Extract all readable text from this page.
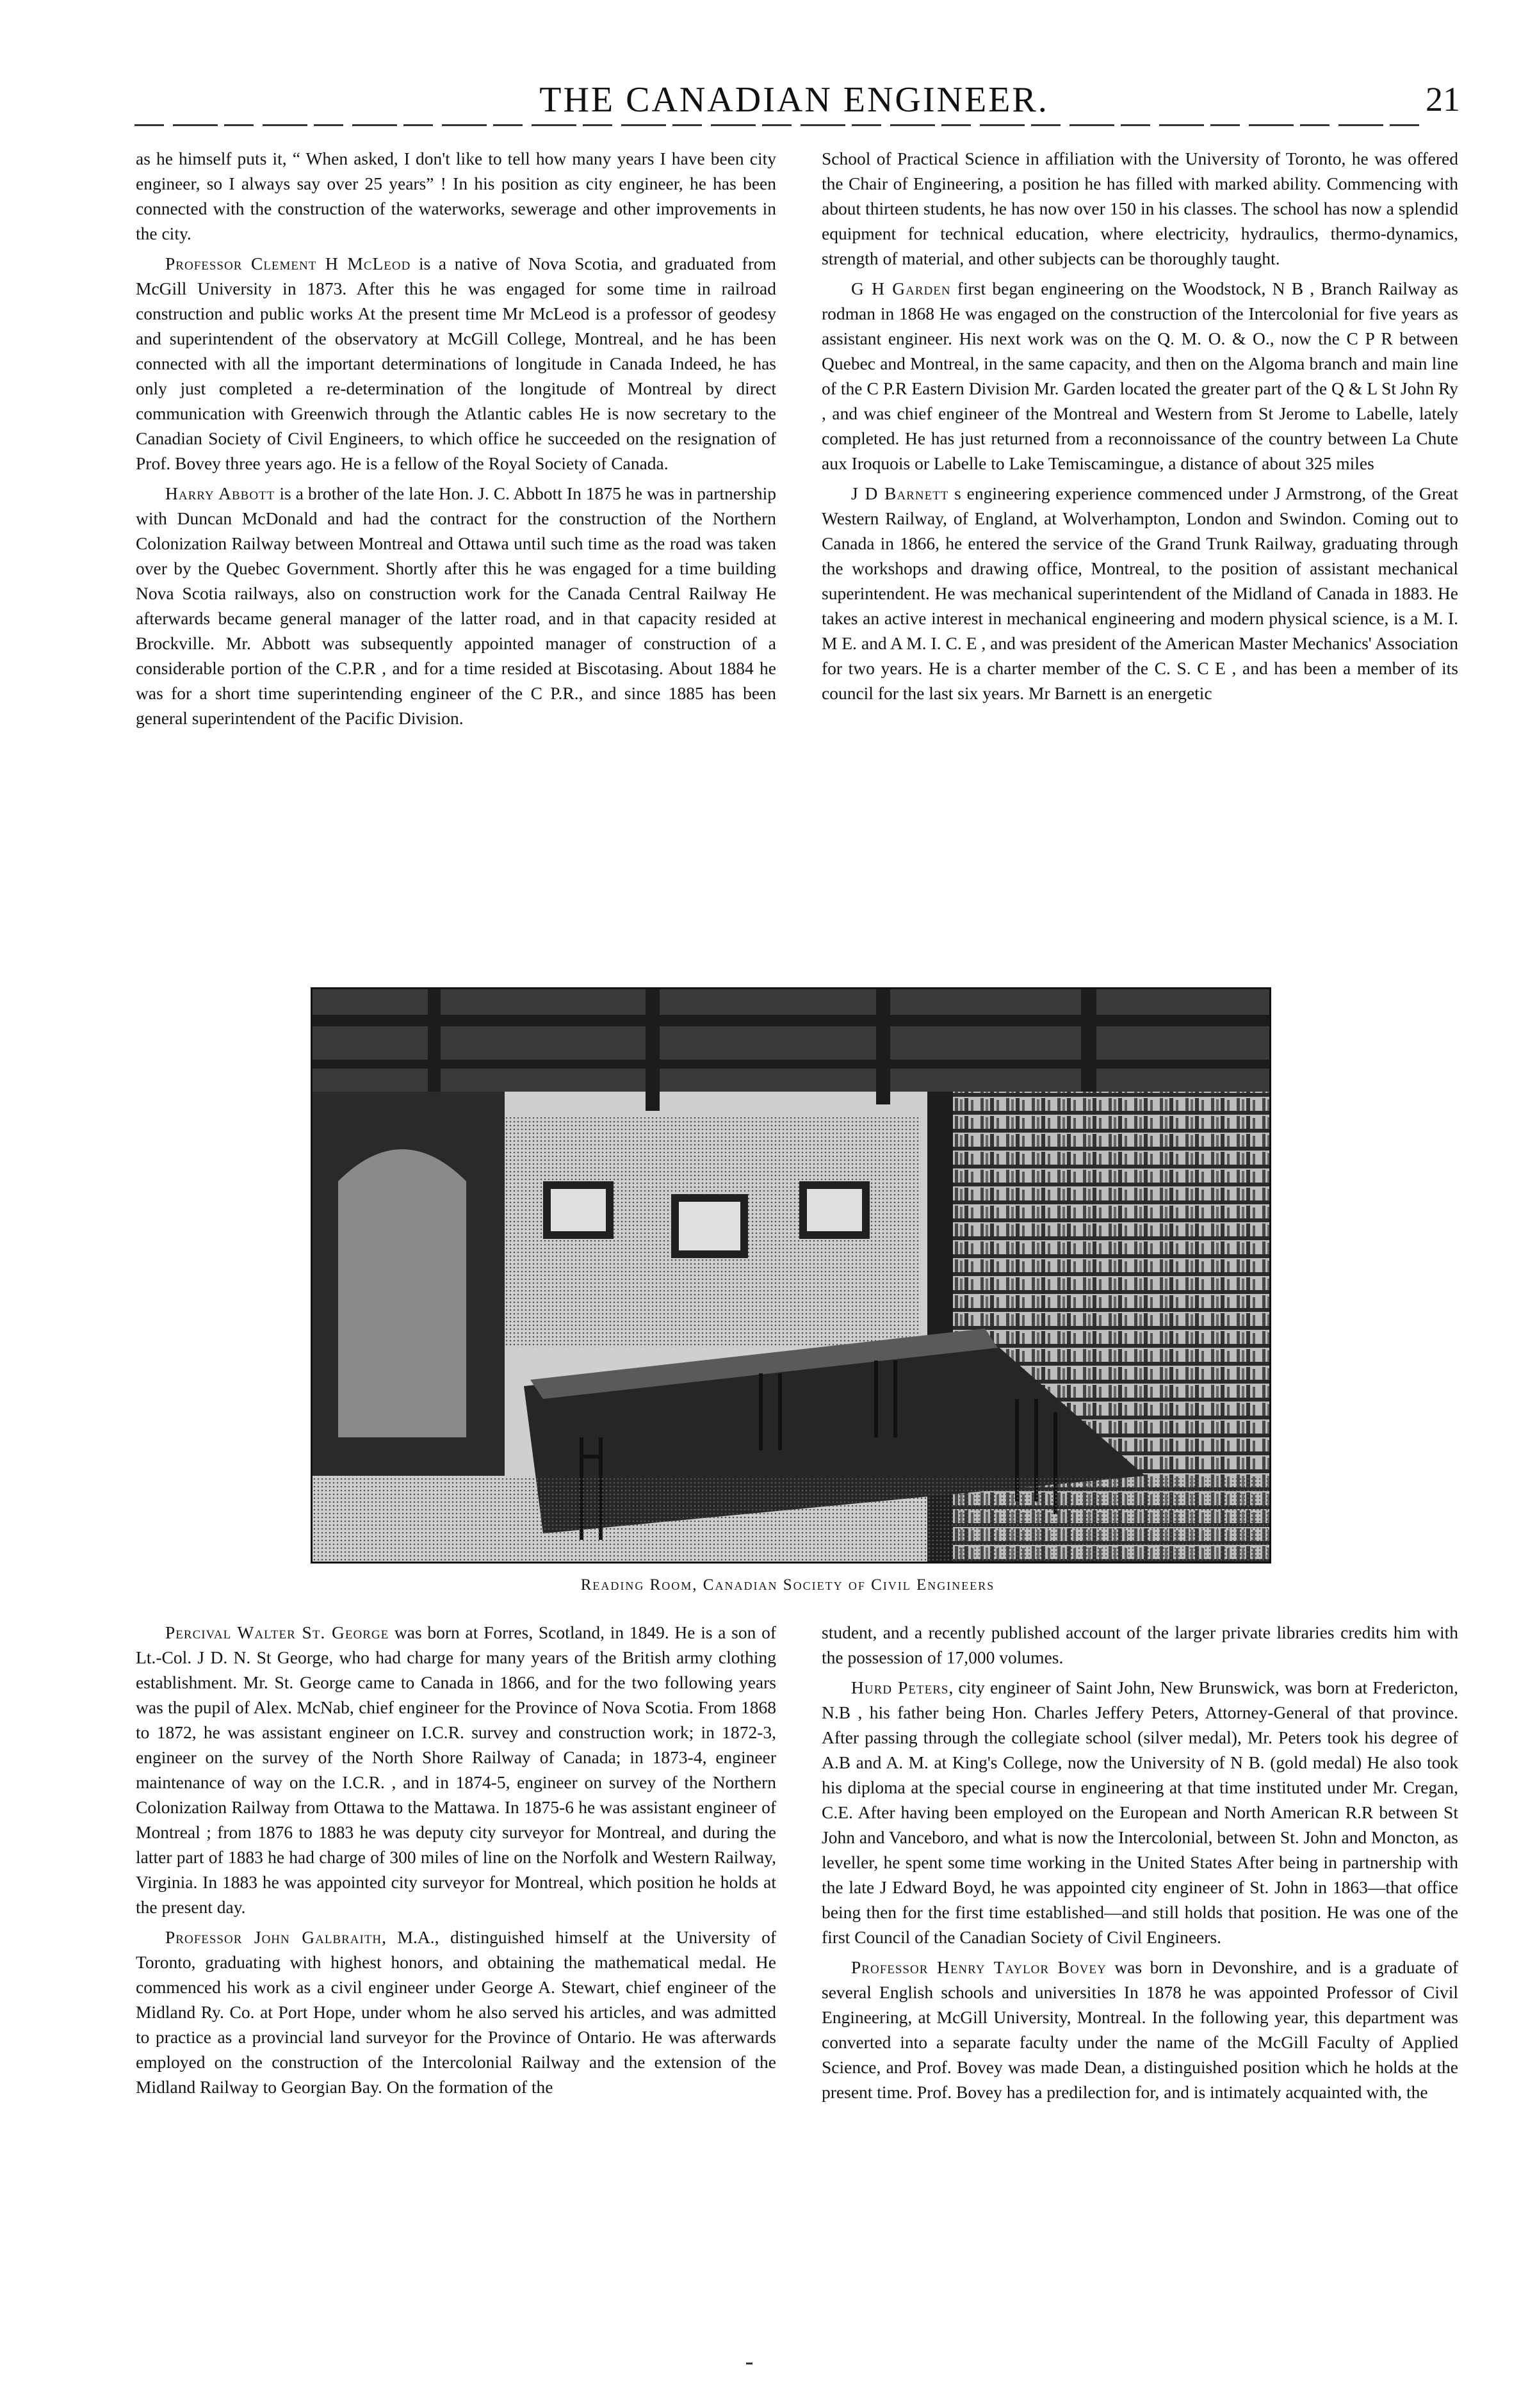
THE CANADIAN ENGINEER.	21

as he himself puts it, “ When asked, I don't like to tell how many years I have been city engineer, so I always say over 25 years” ! In his position as city engineer, he has been connected with the construction of the waterworks, sewerage and other improvements in the city.

Professor Clement H McLeod is a native of Nova Scotia, and graduated from McGill University in 1873. After this he was engaged for some time in railroad construction and public works At the present time Mr McLeod is a professor of geodesy and superintendent of the observatory at McGill College, Montreal, and he has been connected with all the important determinations of longitude in Canada Indeed, he has only just completed a re-determination of the longitude of Montreal by direct communication with Greenwich through the Atlantic cables He is now secretary to the Canadian Society of Civil Engineers, to which office he succeeded on the resignation of Prof. Bovey three years ago. He is a fellow of the Royal Society of Canada.

Harry Abbott is a brother of the late Hon. J. C. Abbott In 1875 he was in partnership with Duncan McDonald and had the contract for the construction of the Northern Colonization Railway between Montreal and Ottawa until such time as the road was taken over by the Quebec Government. Shortly after this he was engaged for a time building Nova Scotia railways, also on construction work for the Canada Central Railway He afterwards became general manager of the latter road, and in that capacity resided at Brockville. Mr. Abbott was subsequently appointed manager of construction of a considerable portion of the C.P.R , and for a time resided at Biscotasing. About 1884 he was for a short time superintending engineer of the C P.R., and since 1885 has been general superintendent of the Pacific Division.

School of Practical Science in affiliation with the University of Toronto, he was offered the Chair of Engineering, a position he has filled with marked ability. Commencing with about thirteen students, he has now over 150 in his classes. The school has now a splendid equipment for technical education, where electricity, hydraulics, thermo-dynamics, strength of material, and other subjects can be thoroughly taught.

G H Garden first began engineering on the Woodstock, N B , Branch Railway as rodman in 1868 He was engaged on the construction of the Intercolonial for five years as assistant engineer. His next work was on the Q. M. O. & O., now the C P R between Quebec and Montreal, in the same capacity, and then on the Algoma branch and main line of the C P.R Eastern Division Mr. Garden located the greater part of the Q & L St John Ry , and was chief engineer of the Montreal and Western from St Jerome to Labelle, lately completed. He has just returned from a reconnoissance of the country between La Chute aux Iroquois or Labelle to Lake Temiscamingue, a distance of about 325 miles

J D Barnett s engineering experience commenced under J Armstrong, of the Great Western Railway, of England, at Wolverhampton, London and Swindon. Coming out to Canada in 1866, he entered the service of the Grand Trunk Railway, graduating through the workshops and drawing office, Montreal, to the position of assistant mechanical superintendent. He was mechanical superintendent of the Midland of Canada in 1883. He takes an active interest in mechanical engineering and modern physical science, is a M. I. M E. and A M. I. C. E , and was president of the American Master Mechanics' Association for two years. He is a charter member of the C. S. C E , and has been a member of its council for the last six years. Mr Barnett is an energetic

Reading Room, Canadian Society of Civil Engineers

Percival Walter St. George was born at Forres, Scotland, in 1849. He is a son of Lt.-Col. J D. N. St George, who had charge for many years of the British army clothing establishment. Mr. St. George came to Canada in 1866, and for the two following years was the pupil of Alex. McNab, chief engineer for the Province of Nova Scotia. From 1868 to 1872, he was assistant engineer on I.C.R. survey and construction work; in 1872-3, engineer on the survey of the North Shore Railway of Canada; in 1873-4, engineer maintenance of way on the I.C.R. , and in 1874-5, engineer on survey of the Northern Colonization Railway from Ottawa to the Mattawa. In 1875-6 he was assistant engineer of Montreal ; from 1876 to 1883 he was deputy city surveyor for Montreal, and during the latter part of 1883 he had charge of 300 miles of line on the Norfolk and Western Railway, Virginia. In 1883 he was appointed city surveyor for Montreal, which position he holds at the present day.

Professor John Galbraith, M.A., distinguished himself at the University of Toronto, graduating with highest honors, and obtaining the mathematical medal. He commenced his work as a civil engineer under George A. Stewart, chief engineer of the Midland Ry. Co. at Port Hope, under whom he also served his articles, and was admitted to practice as a provincial land surveyor for the Province of Ontario. He was afterwards employed on the construction of the Intercolonial Railway and the extension of the Midland Railway to Georgian Bay. On the formation of the

student, and a recently published account of the larger private libraries credits him with the possession of 17,000 volumes.

Hurd Peters, city engineer of Saint John, New Brunswick, was born at Fredericton, N.B , his father being Hon. Charles Jeffery Peters, Attorney-General of that province. After passing through the collegiate school (silver medal), Mr. Peters took his degree of A.B and A. M. at King's College, now the University of N B. (gold medal) He also took his diploma at the special course in engineering at that time instituted under Mr. Cregan, C.E. After having been employed on the European and North American R.R between St John and Vanceboro, and what is now the Intercolonial, between St. John and Moncton, as leveller, he spent some time working in the United States After being in partnership with the late J Edward Boyd, he was appointed city engineer of St. John in 1863—that office being then for the first time established—and still holds that position. He was one of the first Council of the Canadian Society of Civil Engineers.

Professor Henry Taylor Bovey was born in Devonshire, and is a graduate of several English schools and universities In 1878 he was appointed Professor of Civil Engineering, at McGill University, Montreal. In the following year, this department was converted into a separate faculty under the name of the McGill Faculty of Applied Science, and Prof. Bovey was made Dean, a distinguished position which he holds at the present time. Prof. Bovey has a predilection for, and is intimately acquainted with, the
